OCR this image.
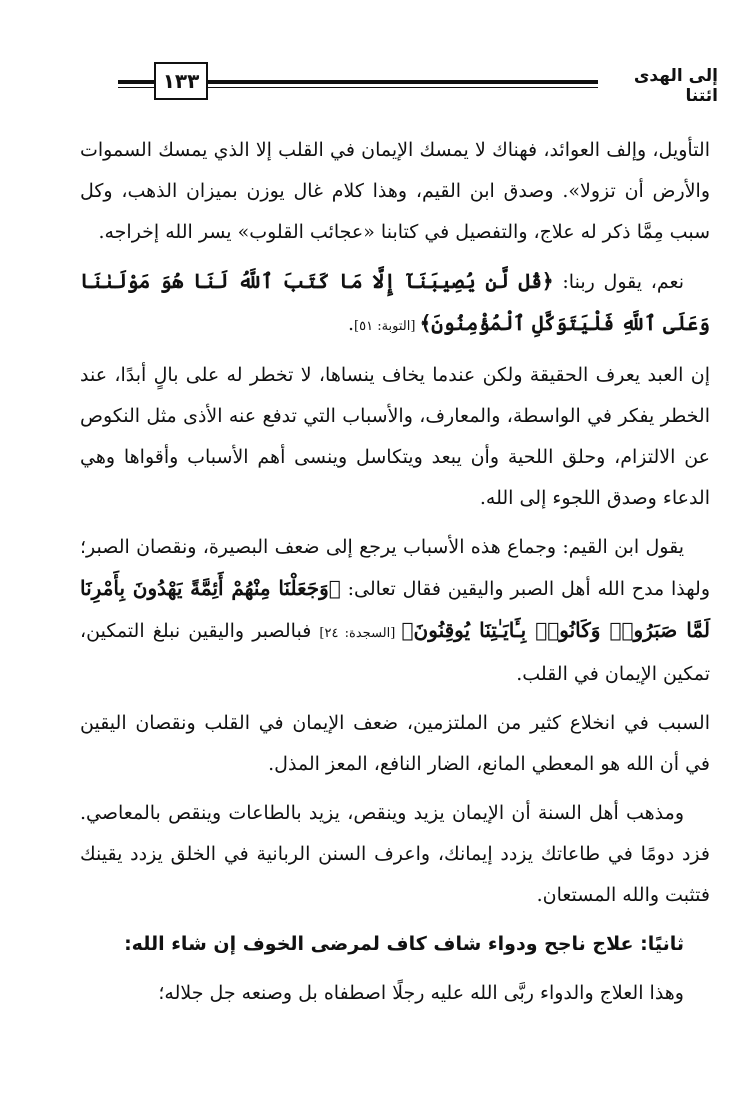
١٣٣	إلى الهدى ائتنا

التأويل، وإلف العوائد، فهناك لا يمسك الإيمان في القلب إلا الذي يمسك السموات والأرض أن تزولا». وصدق ابن القيم، وهذا كلام غال يوزن بميزان الذهب، وكل سبب مِمَّا ذكر له علاج، والتفصيل في كتابنا «عجائب القلوب» يسر الله إخراجه.

نعم، يقول ربنا: ﴿قُل لَّن يُصِيبَنَآ إِلَّا مَا كَتَبَ ٱللَّهُ لَنَا هُوَ مَوْلَىٰنَا وَعَلَى ٱللَّهِ فَلْيَتَوَكَّلِ ٱلْمُؤْمِنُونَ﴾ [التوبة: ٥١].

إن العبد يعرف الحقيقة ولكن عندما يخاف ينساها، لا تخطر له على بالٍ أبدًا، عند الخطر يفكر في الواسطة، والمعارف، والأسباب التي تدفع عنه الأذى مثل النكوص عن الالتزام، وحلق اللحية وأن يبعد ويتكاسل وينسى أهم الأسباب وأقواها وهي الدعاء وصدق اللجوء إلى الله.

يقول ابن القيم: وجماع هذه الأسباب يرجع إلى ضعف البصيرة، ونقصان الصبر؛ ولهذا مدح الله أهل الصبر واليقين فقال تعالى: ﴿وَجَعَلْنَا مِنْهُمْ أَئِمَّةً يَهْدُونَ بِأَمْرِنَا لَمَّا صَبَرُوا۟ وَكَانُوا۟ بِـَٔايَـٰتِنَا يُوقِنُونَ﴾ [السجدة: ٢٤] فبالصبر واليقين نبلغ التمكين، تمكين الإيمان في القلب.

السبب في انخلاع كثير من الملتزمين، ضعف الإيمان في القلب ونقصان اليقين في أن الله هو المعطي المانع، الضار النافع، المعز المذل.

ومذهب أهل السنة أن الإيمان يزيد وينقص، يزيد بالطاعات وينقص بالمعاصي. فزد دومًا في طاعاتك يزدد إيمانك، واعرف السنن الربانية في الخلق يزدد يقينك فتثبت والله المستعان.

ثانيًا: علاج ناجح ودواء شاف كاف لمرضى الخوف إن شاء الله:

وهذا العلاج والدواء ربَّى الله عليه رجلًا اصطفاه بل وصنعه جل جلاله؛
